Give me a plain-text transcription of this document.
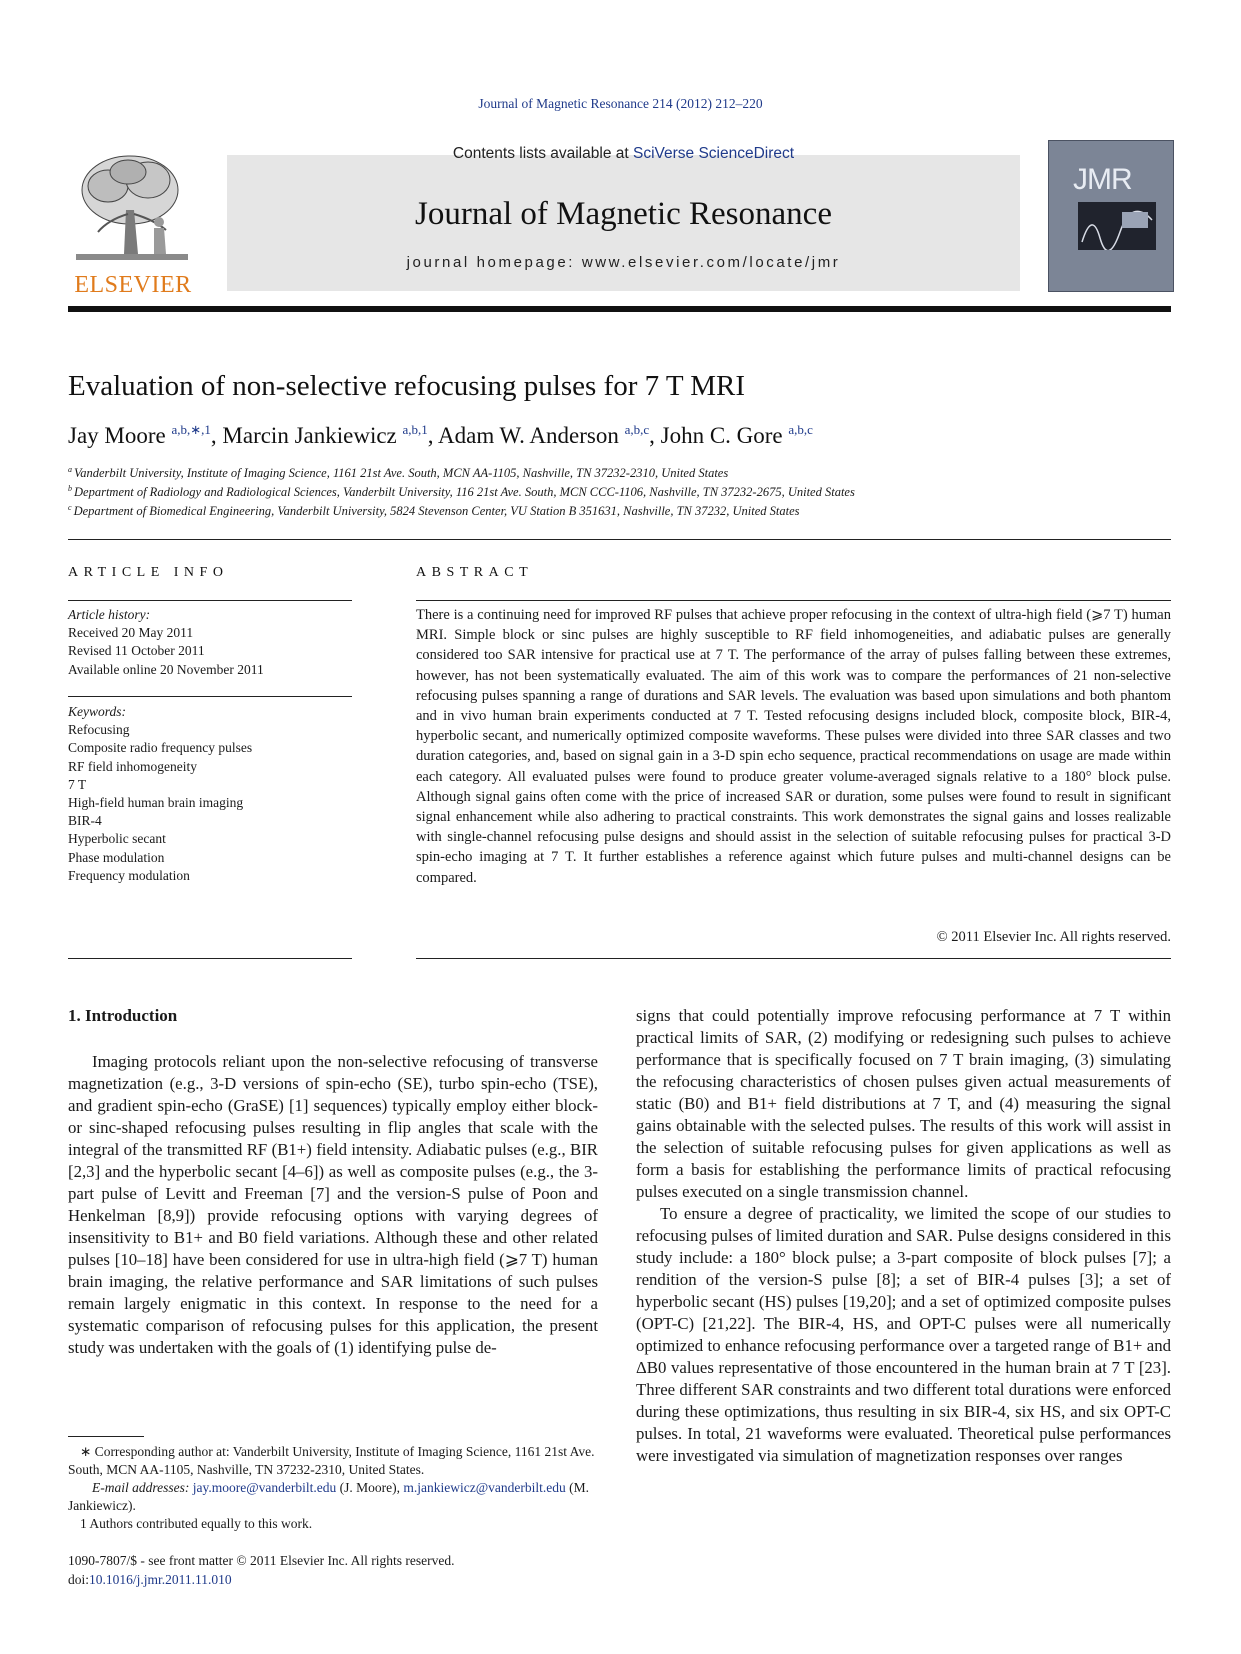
Journal of Magnetic Resonance 214 (2012) 212–220
Contents lists available at SciVerse ScienceDirect
Journal of Magnetic Resonance
journal homepage: www.elsevier.com/locate/jmr
ELSEVIER
JMR
Evaluation of non-selective refocusing pulses for 7 T MRI
Jay Moore $^{a,b,∗,1}$, Marcin Jankiewicz $^{a,b,1}$, Adam W. Anderson $^{a,b,c}$, John C. Gore $^{a,b,c}$
$^a$ Vanderbilt University, Institute of Imaging Science, 1161 21st Ave. South, MCN AA-1105, Nashville, TN 37232-2310, United States
$^b$ Department of Radiology and Radiological Sciences, Vanderbilt University, 116 21st Ave. South, MCN CCC-1106, Nashville, TN 37232-2675, United States
$^c$ Department of Biomedical Engineering, Vanderbilt University, 5824 Stevenson Center, VU Station B 351631, Nashville, TN 37232, United States
ARTICLE INFO	ABSTRACT
Article history:
Received 20 May 2011
Revised 11 October 2011
Available online 20 November 2011
Keywords:
Refocusing
Composite radio frequency pulses
RF field inhomogeneity
7 T
High-field human brain imaging
BIR-4
Hyperbolic secant
Phase modulation
Frequency modulation
There is a continuing need for improved RF pulses that achieve proper refocusing in the context of ultra-high field (⩾7 T) human MRI. Simple block or sinc pulses are highly susceptible to RF field inhomogeneities, and adiabatic pulses are generally considered too SAR intensive for practical use at 7 T. The performance of the array of pulses falling between these extremes, however, has not been systematically evaluated. The aim of this work was to compare the performances of 21 non-selective refocusing pulses spanning a range of durations and SAR levels. The evaluation was based upon simulations and both phantom and in vivo human brain experiments conducted at 7 T. Tested refocusing designs included block, composite block, BIR-4, hyperbolic secant, and numerically optimized composite waveforms. These pulses were divided into three SAR classes and two duration categories, and, based on signal gain in a 3-D spin echo sequence, practical recommendations on usage are made within each category. All evaluated pulses were found to produce greater volume-averaged signals relative to a 180° block pulse. Although signal gains often come with the price of increased SAR or duration, some pulses were found to result in significant signal enhancement while also adhering to practical constraints. This work demonstrates the signal gains and losses realizable with single-channel refocusing pulse designs and should assist in the selection of suitable refocusing pulses for practical 3-D spin-echo imaging at 7 T. It further establishes a reference against which future pulses and multi-channel designs can be compared.
© 2011 Elsevier Inc. All rights reserved.
1. Introduction

Imaging protocols reliant upon the non-selective refocusing of transverse magnetization (e.g., 3-D versions of spin-echo (SE), turbo spin-echo (TSE), and gradient spin-echo (GraSE) [1] sequences) typically employ either block- or sinc-shaped refocusing pulses resulting in flip angles that scale with the integral of the transmitted RF (B1+) field intensity. Adiabatic pulses (e.g., BIR [2,3] and the hyperbolic secant [4–6]) as well as composite pulses (e.g., the 3-part pulse of Levitt and Freeman [7] and the version-S pulse of Poon and Henkelman [8,9]) provide refocusing options with varying degrees of insensitivity to B1+ and B0 field variations. Although these and other related pulses [10–18] have been considered for use in ultra-high field (⩾7 T) human brain imaging, the relative performance and SAR limitations of such pulses remain largely enigmatic in this context. In response to the need for a systematic comparison of refocusing pulses for this application, the present study was undertaken with the goals of (1) identifying pulse de-

signs that could potentially improve refocusing performance at 7 T within practical limits of SAR, (2) modifying or redesigning such pulses to achieve performance that is specifically focused on 7 T brain imaging, (3) simulating the refocusing characteristics of chosen pulses given actual measurements of static (B0) and B1+ field distributions at 7 T, and (4) measuring the signal gains obtainable with the selected pulses. The results of this work will assist in the selection of suitable refocusing pulses for given applications as well as form a basis for establishing the performance limits of practical refocusing pulses executed on a single transmission channel.

To ensure a degree of practicality, we limited the scope of our studies to refocusing pulses of limited duration and SAR. Pulse designs considered in this study include: a 180° block pulse; a 3-part composite of block pulses [7]; a rendition of the version-S pulse [8]; a set of BIR-4 pulses [3]; a set of hyperbolic secant (HS) pulses [19,20]; and a set of optimized composite pulses (OPT-C) [21,22]. The BIR-4, HS, and OPT-C pulses were all numerically optimized to enhance refocusing performance over a targeted range of B1+ and ΔB0 values representative of those encountered in the human brain at 7 T [23]. Three different SAR constraints and two different total durations were enforced during these optimizations, thus resulting in six BIR-4, six HS, and six OPT-C pulses. In total, 21 waveforms were evaluated. Theoretical pulse performances were investigated via simulation of magnetization responses over ranges

∗ Corresponding author at: Vanderbilt University, Institute of Imaging Science, 1161 21st Ave. South, MCN AA-1105, Nashville, TN 37232-2310, United States.

E-mail addresses: jay.moore@vanderbilt.edu (J. Moore), m.jankiewicz@vanderbilt.edu (M. Jankiewicz).

1 Authors contributed equally to this work.

1090-7807/$ - see front matter © 2011 Elsevier Inc. All rights reserved.
doi:10.1016/j.jmr.2011.11.010
